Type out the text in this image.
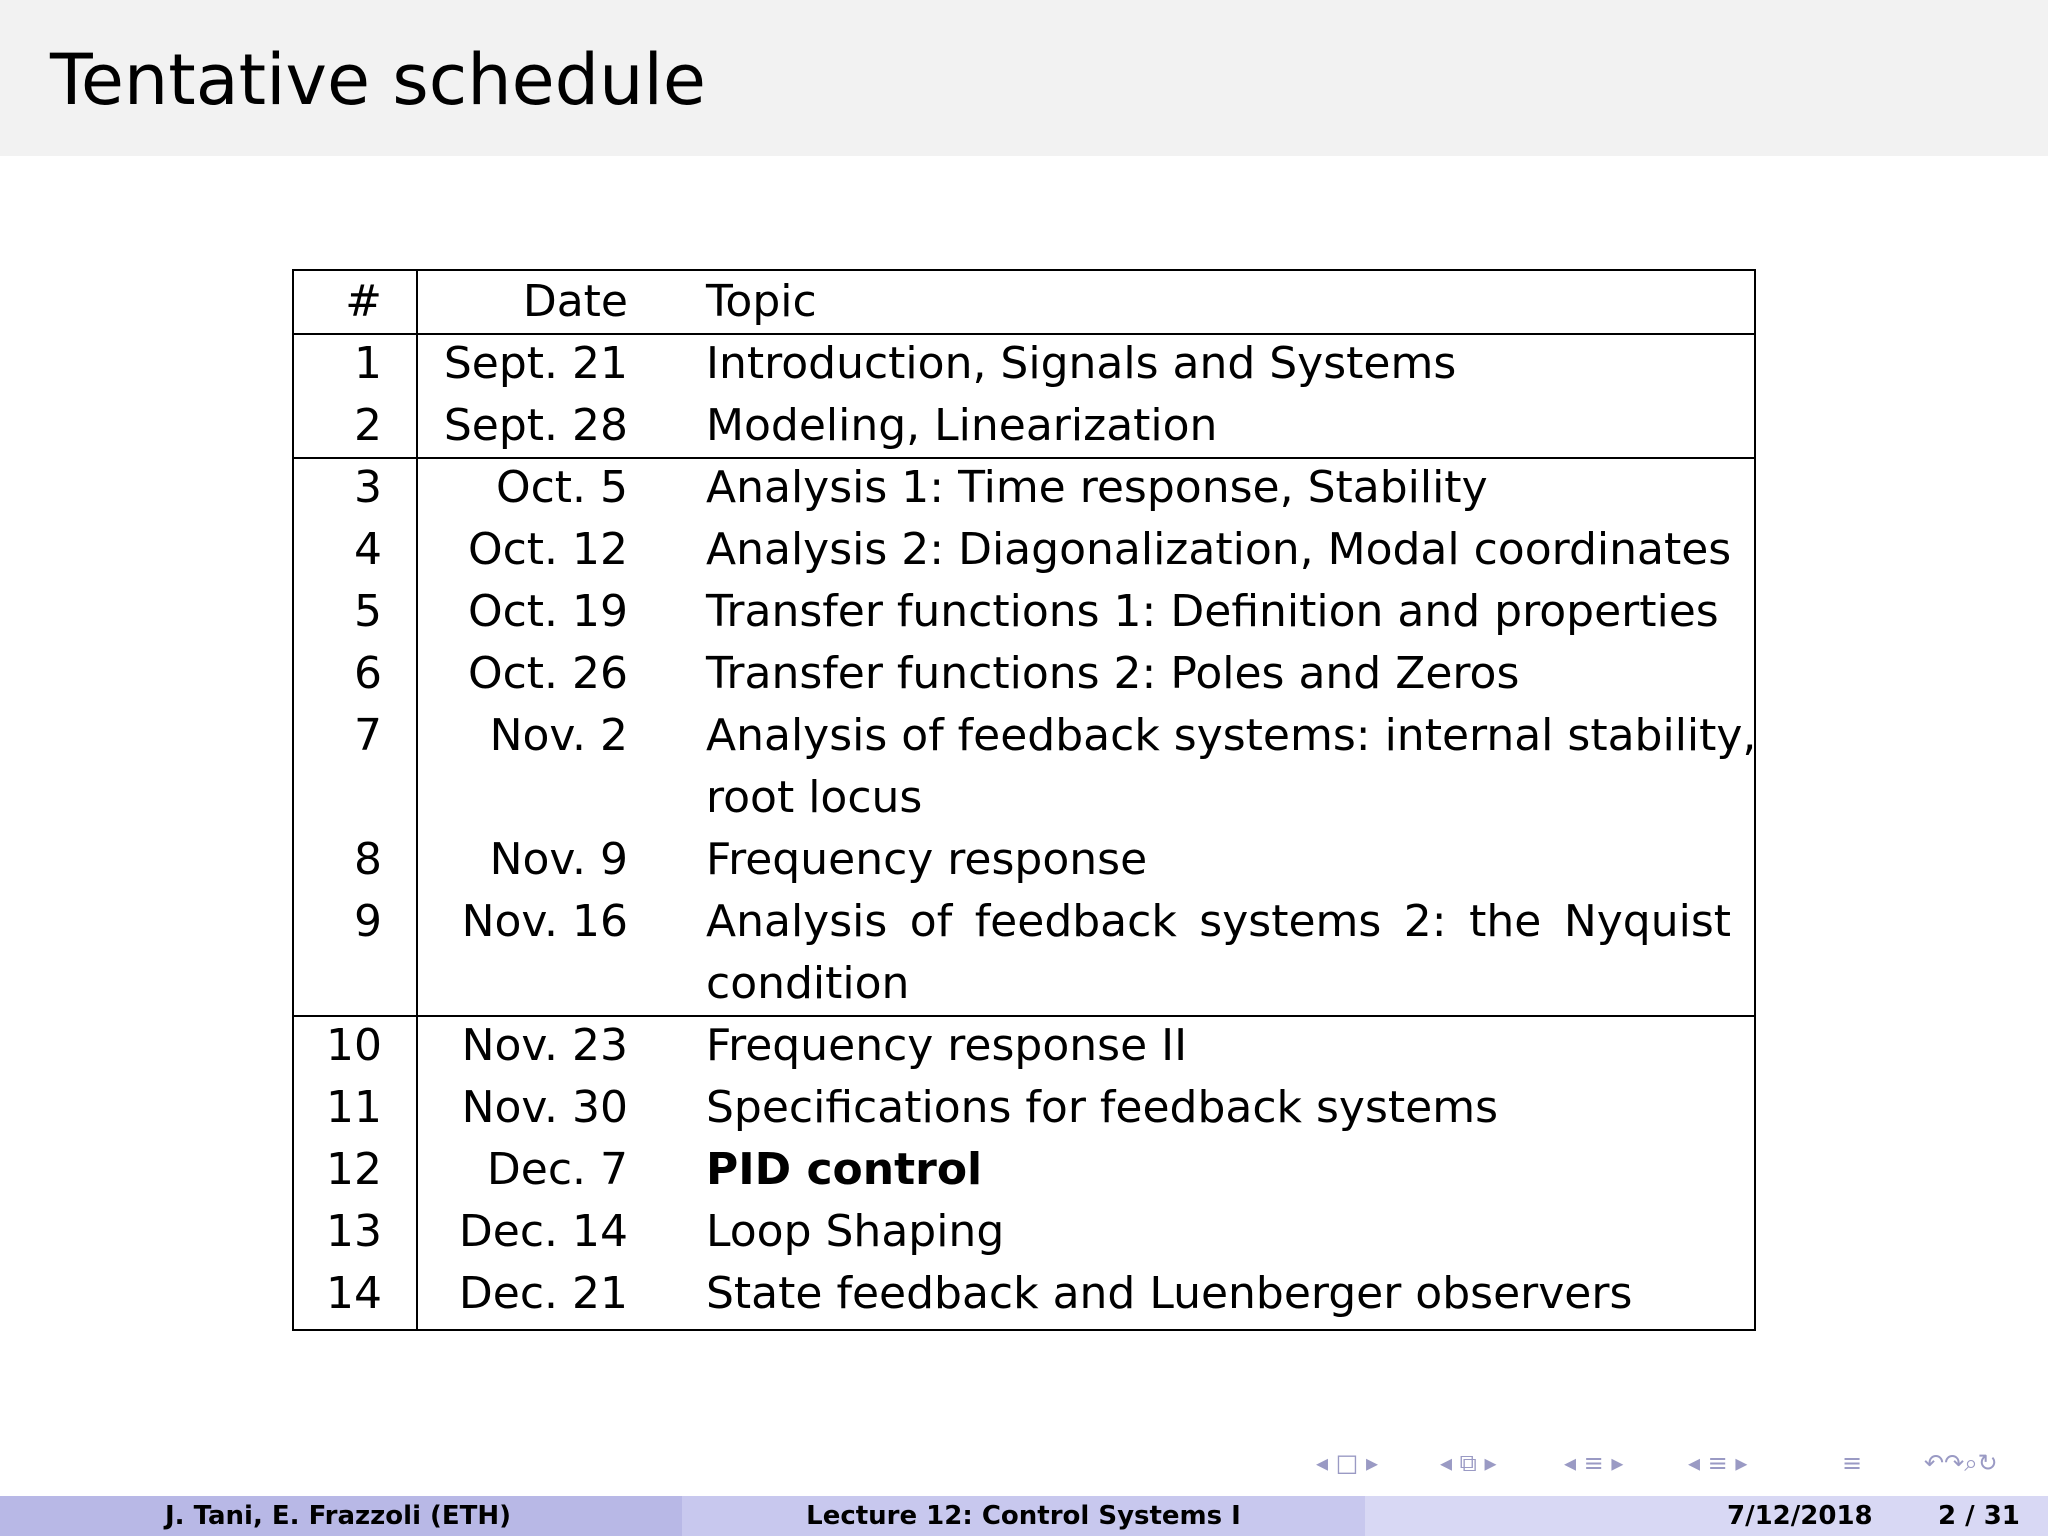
Tentative schedule
#	Date Topic
1	Sept. 21 Introduction, Signals and Systems
2	Sept. 28 Modeling, Linearization
3	Oct. 5 Analysis 1: Time response, Stability
4	Oct. 12 Analysis 2: Diagonalization, Modal coordinates
5	Oct. 19 Transfer functions 1: Definition and properties
6	Oct. 26 Transfer functions 2: Poles and Zeros
7	Nov. 2 Analysis of feedback systems: internal stability,
root locus
8	Nov. 9 Frequency response
9	Nov. 16 Analysis of feedback systems 2: the Nyquist
condition
10	Nov. 23 Frequency response II
11	Nov. 30 Specifications for feedback systems
12	Dec. 7 PID control
13	Dec. 14 Loop Shaping
14	Dec. 21 State feedback and Luenberger observers
◂ □ ▸	◂ ⧉ ▸	◂ ≡ ▸	◂ ≡ ▸	≡	↶↷⌕↻
J. Tani, E. Frazzoli (ETH)	Lecture 12: Control Systems I	7/12/2018	2 / 31
